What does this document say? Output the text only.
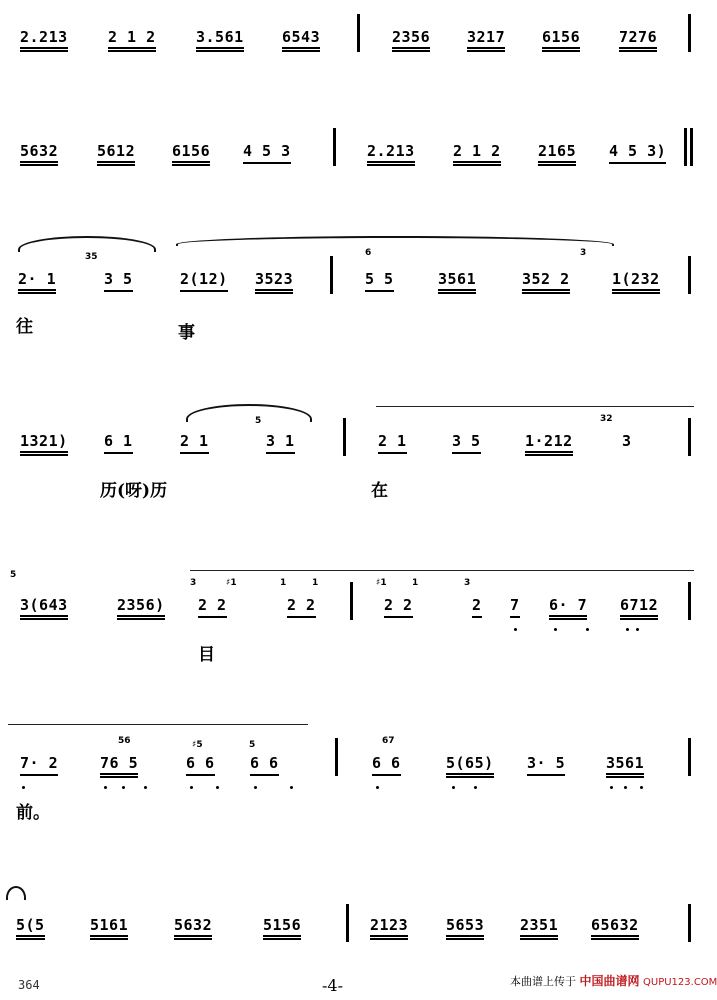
2.213	2 1 2	3.561	6543	2356 3217 6156	7276
5632	5612 6156 4 5 3	2.213	2 1 2 2165 4 5 3)
35	6	3
2· 1	3 5	2(12) 3523	5 5	3561	352 2	1(232
往	事
5	32
1321) 6 1	2 1	3 1	2 1	3 5	1·212	3
历(呀)历	在
5
3	♯1	1	1	♯1	1	3
3(643	2356) 2 2	2 2	2 2	2 7 6· 7 6712
目
56	♯5	5	67
7· 2	76 5	6 6 6 6	6 6	5(65) 3· 5	3561
前。
5(5	5161	5632	5156	2123	5653 2351 65632
364	-4-	本曲谱上传于 中国曲谱网 QUPU123.COM
